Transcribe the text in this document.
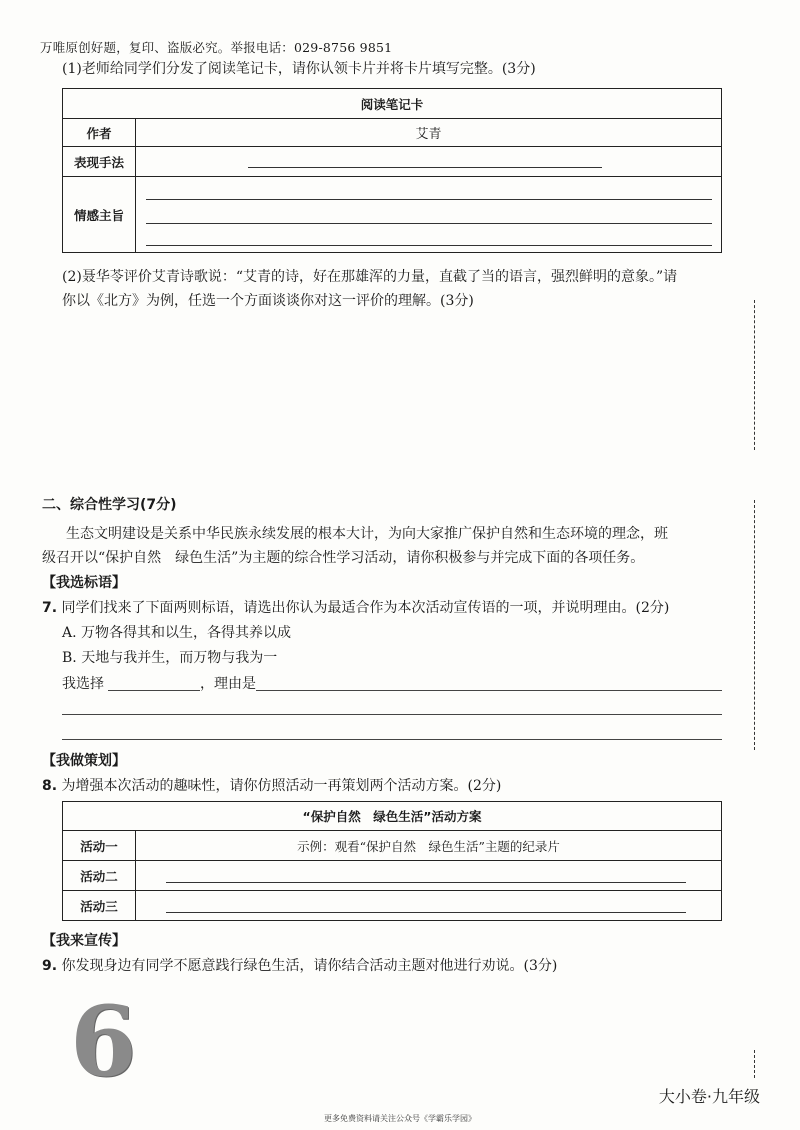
万唯原创好题，复印、盗版必究。举报电话：029-8756 9851
(1)老师给同学们分发了阅读笔记卡，请你认领卡片并将卡片填写完整。(3分)
阅读笔记卡	
作者	艾青
表现手法	

情感主旨	
(2)聂华苓评价艾青诗歌说：“艾青的诗，好在那雄浑的力量，直截了当的语言，强烈鲜明的意象。”请
你以《北方》为例，任选一个方面谈谈你对这一评价的理解。(3分)
二、综合性学习(7分)
生态文明建设是关系中华民族永续发展的根本大计，为向大家推广保护自然和生态环境的理念，班
级召开以“保护自然　绿色生活”为主题的综合性学习活动，请你积极参与并完成下面的各项任务。
【我选标语】
7. 同学们找来了下面两则标语，请选出你认为最适合作为本次活动宣传语的一项，并说明理由。(2分)
A. 万物各得其和以生，各得其养以成
B. 天地与我并生，而万物与我为一
我选择	，理由是
【我做策划】
8. 为增强本次活动的趣味性，请你仿照活动一再策划两个活动方案。(2分)
“保护自然　绿色生活”活动方案	
活动一	示例：观看“保护自然　绿色生活”主题的纪录片
活动二	

活动三	
【我来宣传】
9. 你发现身边有同学不愿意践行绿色生活，请你结合活动主题对他进行劝说。(3分)
6	大小卷·九年级
更多免费资料请关注公众号《学霸乐学园》
